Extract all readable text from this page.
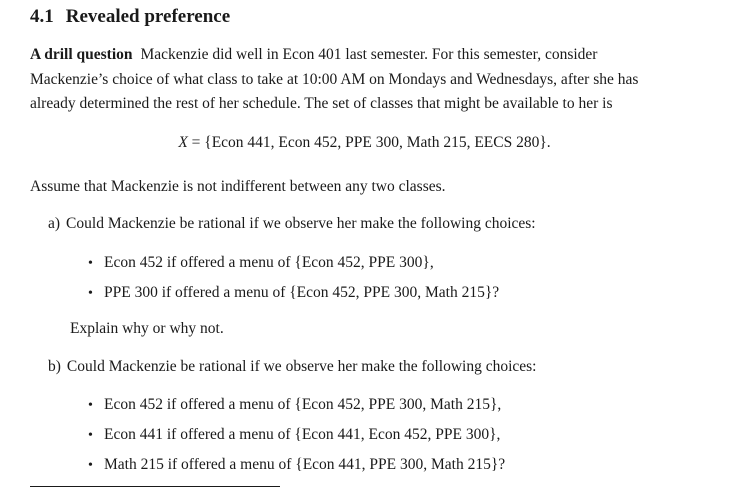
4.1 Revealed preference
A drill question Mackenzie did well in Econ 401 last semester. For this semester, consider Mackenzie’s choice of what class to take at 10:00 AM on Mondays and Wednesdays, after she has already determined the rest of her schedule. The set of classes that might be available to her is
X = {Econ 441, Econ 452, PPE 300, Math 215, EECS 280}.
Assume that Mackenzie is not indifferent between any two classes.
a) Could Mackenzie be rational if we observe her make the following choices:
• Econ 452 if offered a menu of {Econ 452, PPE 300},
• PPE 300 if offered a menu of {Econ 452, PPE 300, Math 215}?
Explain why or why not.
b) Could Mackenzie be rational if we observe her make the following choices:
• Econ 452 if offered a menu of {Econ 452, PPE 300, Math 215},
• Econ 441 if offered a menu of {Econ 441, Econ 452, PPE 300},
• Math 215 if offered a menu of {Econ 441, PPE 300, Math 215}?
